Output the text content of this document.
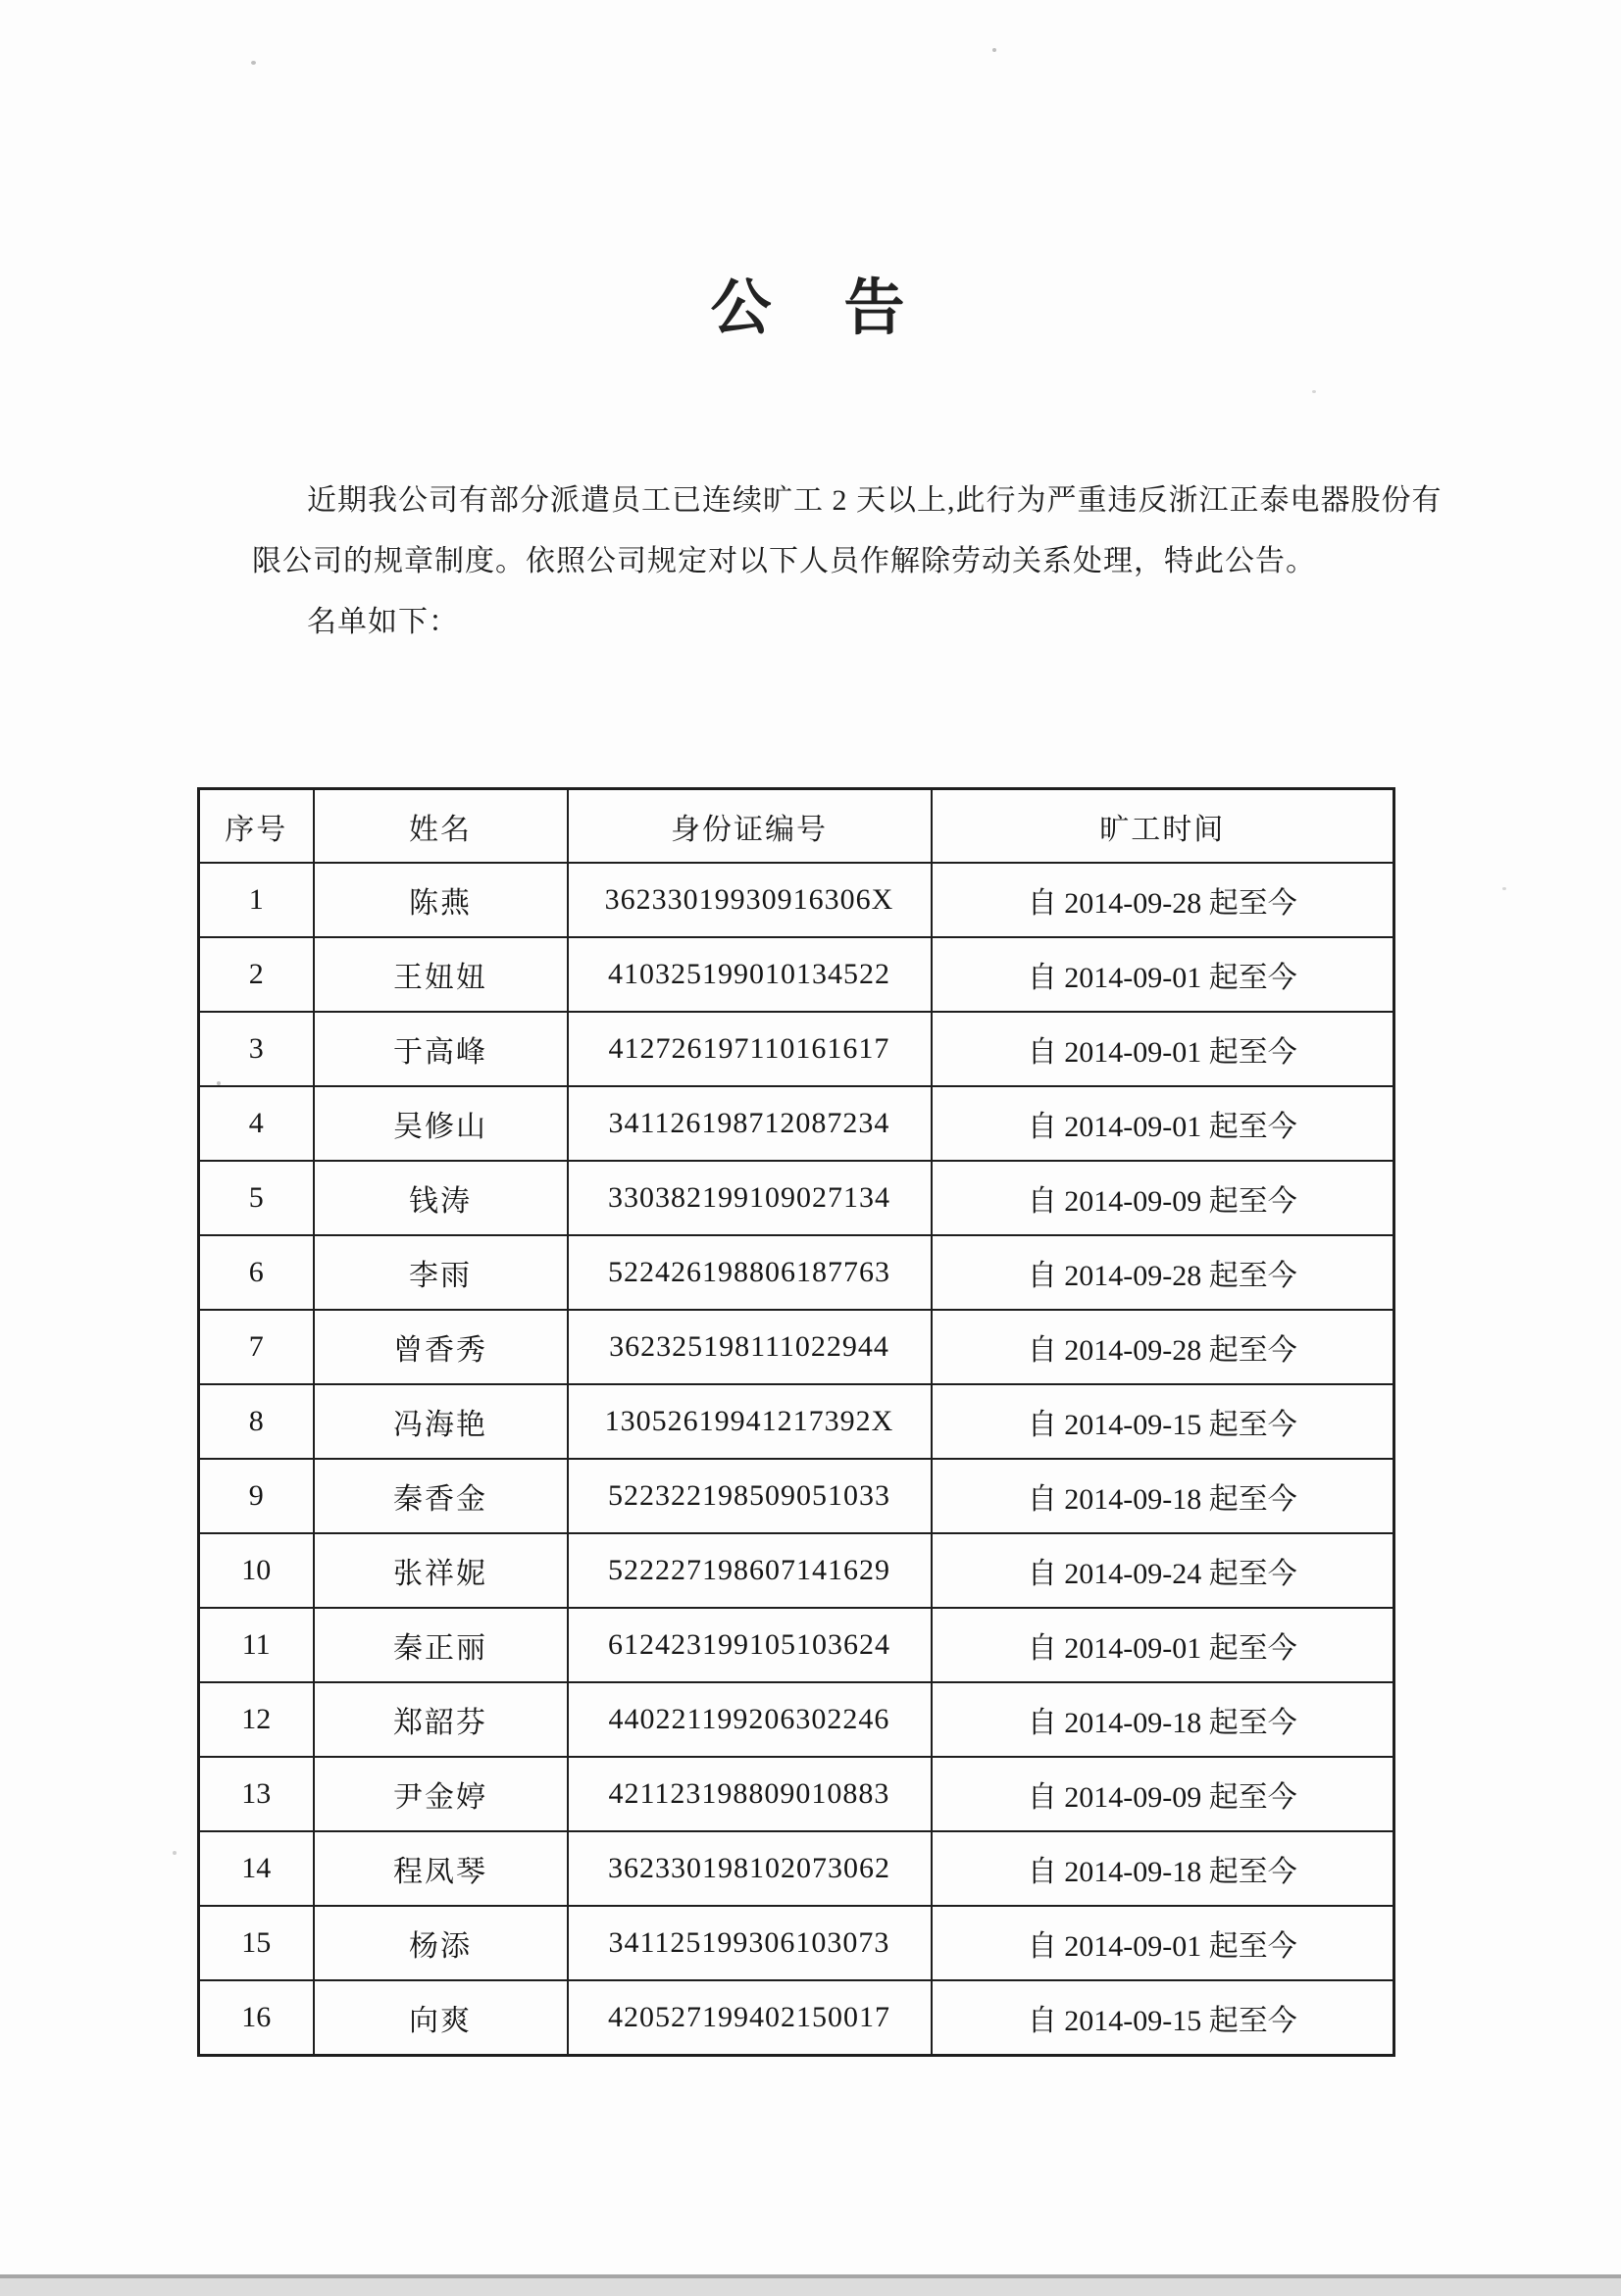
公　告
近期我公司有部分派遣员工已连续旷工 2 天以上,此行为严重违反浙江正泰电器股份有
限公司的规章制度。依照公司规定对以下人员作解除劳动关系处理，特此公告。
名单如下：
序号	姓名	身份证编号	旷工时间
1	陈燕	36233019930916306X	自 2014-09-28 起至今
2	王妞妞	410325199010134522	自 2014-09-01 起至今
3	于高峰	412726197110161617	自 2014-09-01 起至今
4	吴修山	341126198712087234	自 2014-09-01 起至今
5	钱涛	330382199109027134	自 2014-09-09 起至今
6	李雨	522426198806187763	自 2014-09-28 起至今
7	曾香秀	362325198111022944	自 2014-09-28 起至今
8	冯海艳	13052619941217392X	自 2014-09-15 起至今
9	秦香金	522322198509051033	自 2014-09-18 起至今
10	张祥妮	522227198607141629	自 2014-09-24 起至今
11	秦正丽	612423199105103624	自 2014-09-01 起至今
12	郑韶芬	440221199206302246	自 2014-09-18 起至今
13	尹金婷	421123198809010883	自 2014-09-09 起至今
14	程凤琴	362330198102073062	自 2014-09-18 起至今
15	杨添	341125199306103073	自 2014-09-01 起至今
16	向爽	420527199402150017	自 2014-09-15 起至今
